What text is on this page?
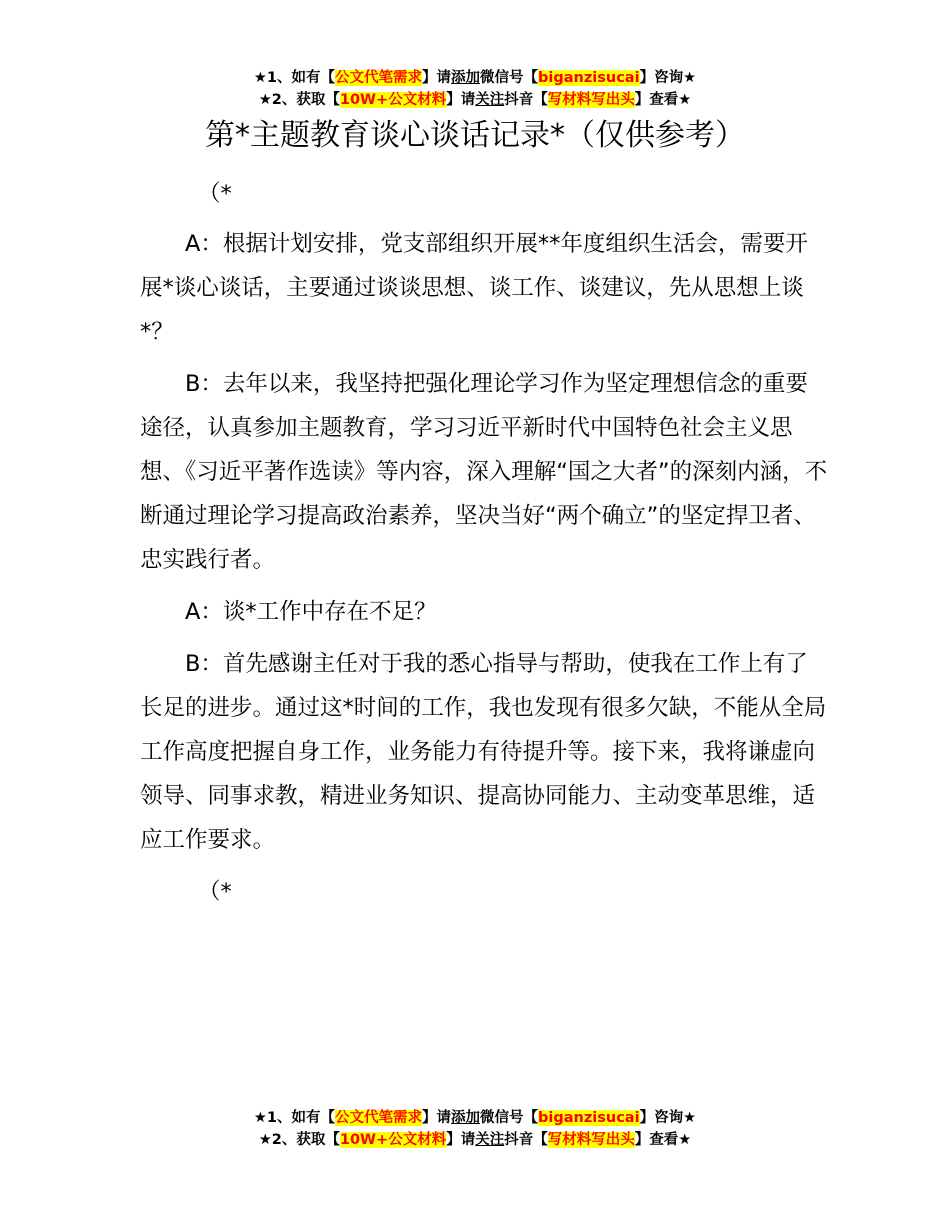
★1、如有【公文代笔需求】请添加微信号【biganzisucai】咨询★
★2、获取【10W+公文材料】请关注抖音【写材料写出头】查看★
第*主题教育谈心谈话记录*（仅供参考）

（*

A：根据计划安排，党支部组织开展**年度组织生活会，需要开展*谈心谈话，主要通过谈谈思想、谈工作、谈建议，先从思想上谈*？

B：去年以来，我坚持把强化理论学习作为坚定理想信念的重要途径，认真参加主题教育，学习习近平新时代中国特色社会主义思想、《习近平著作选读》等内容，深入理解“国之大者”的深刻内涵，不断通过理论学习提高政治素养，坚决当好“两个确立”的坚定捍卫者、忠实践行者。

A：谈*工作中存在不足？

B：首先感谢主任对于我的悉心指导与帮助，使我在工作上有了长足的进步。通过这*时间的工作，我也发现有很多欠缺，不能从全局工作高度把握自身工作，业务能力有待提升等。接下来，我将谦虚向领导、同事求教，精进业务知识、提高协同能力、主动变革思维，适应工作要求。

（*

★1、如有【公文代笔需求】请添加微信号【biganzisucai】咨询★
★2、获取【10W+公文材料】请关注抖音【写材料写出头】查看★
